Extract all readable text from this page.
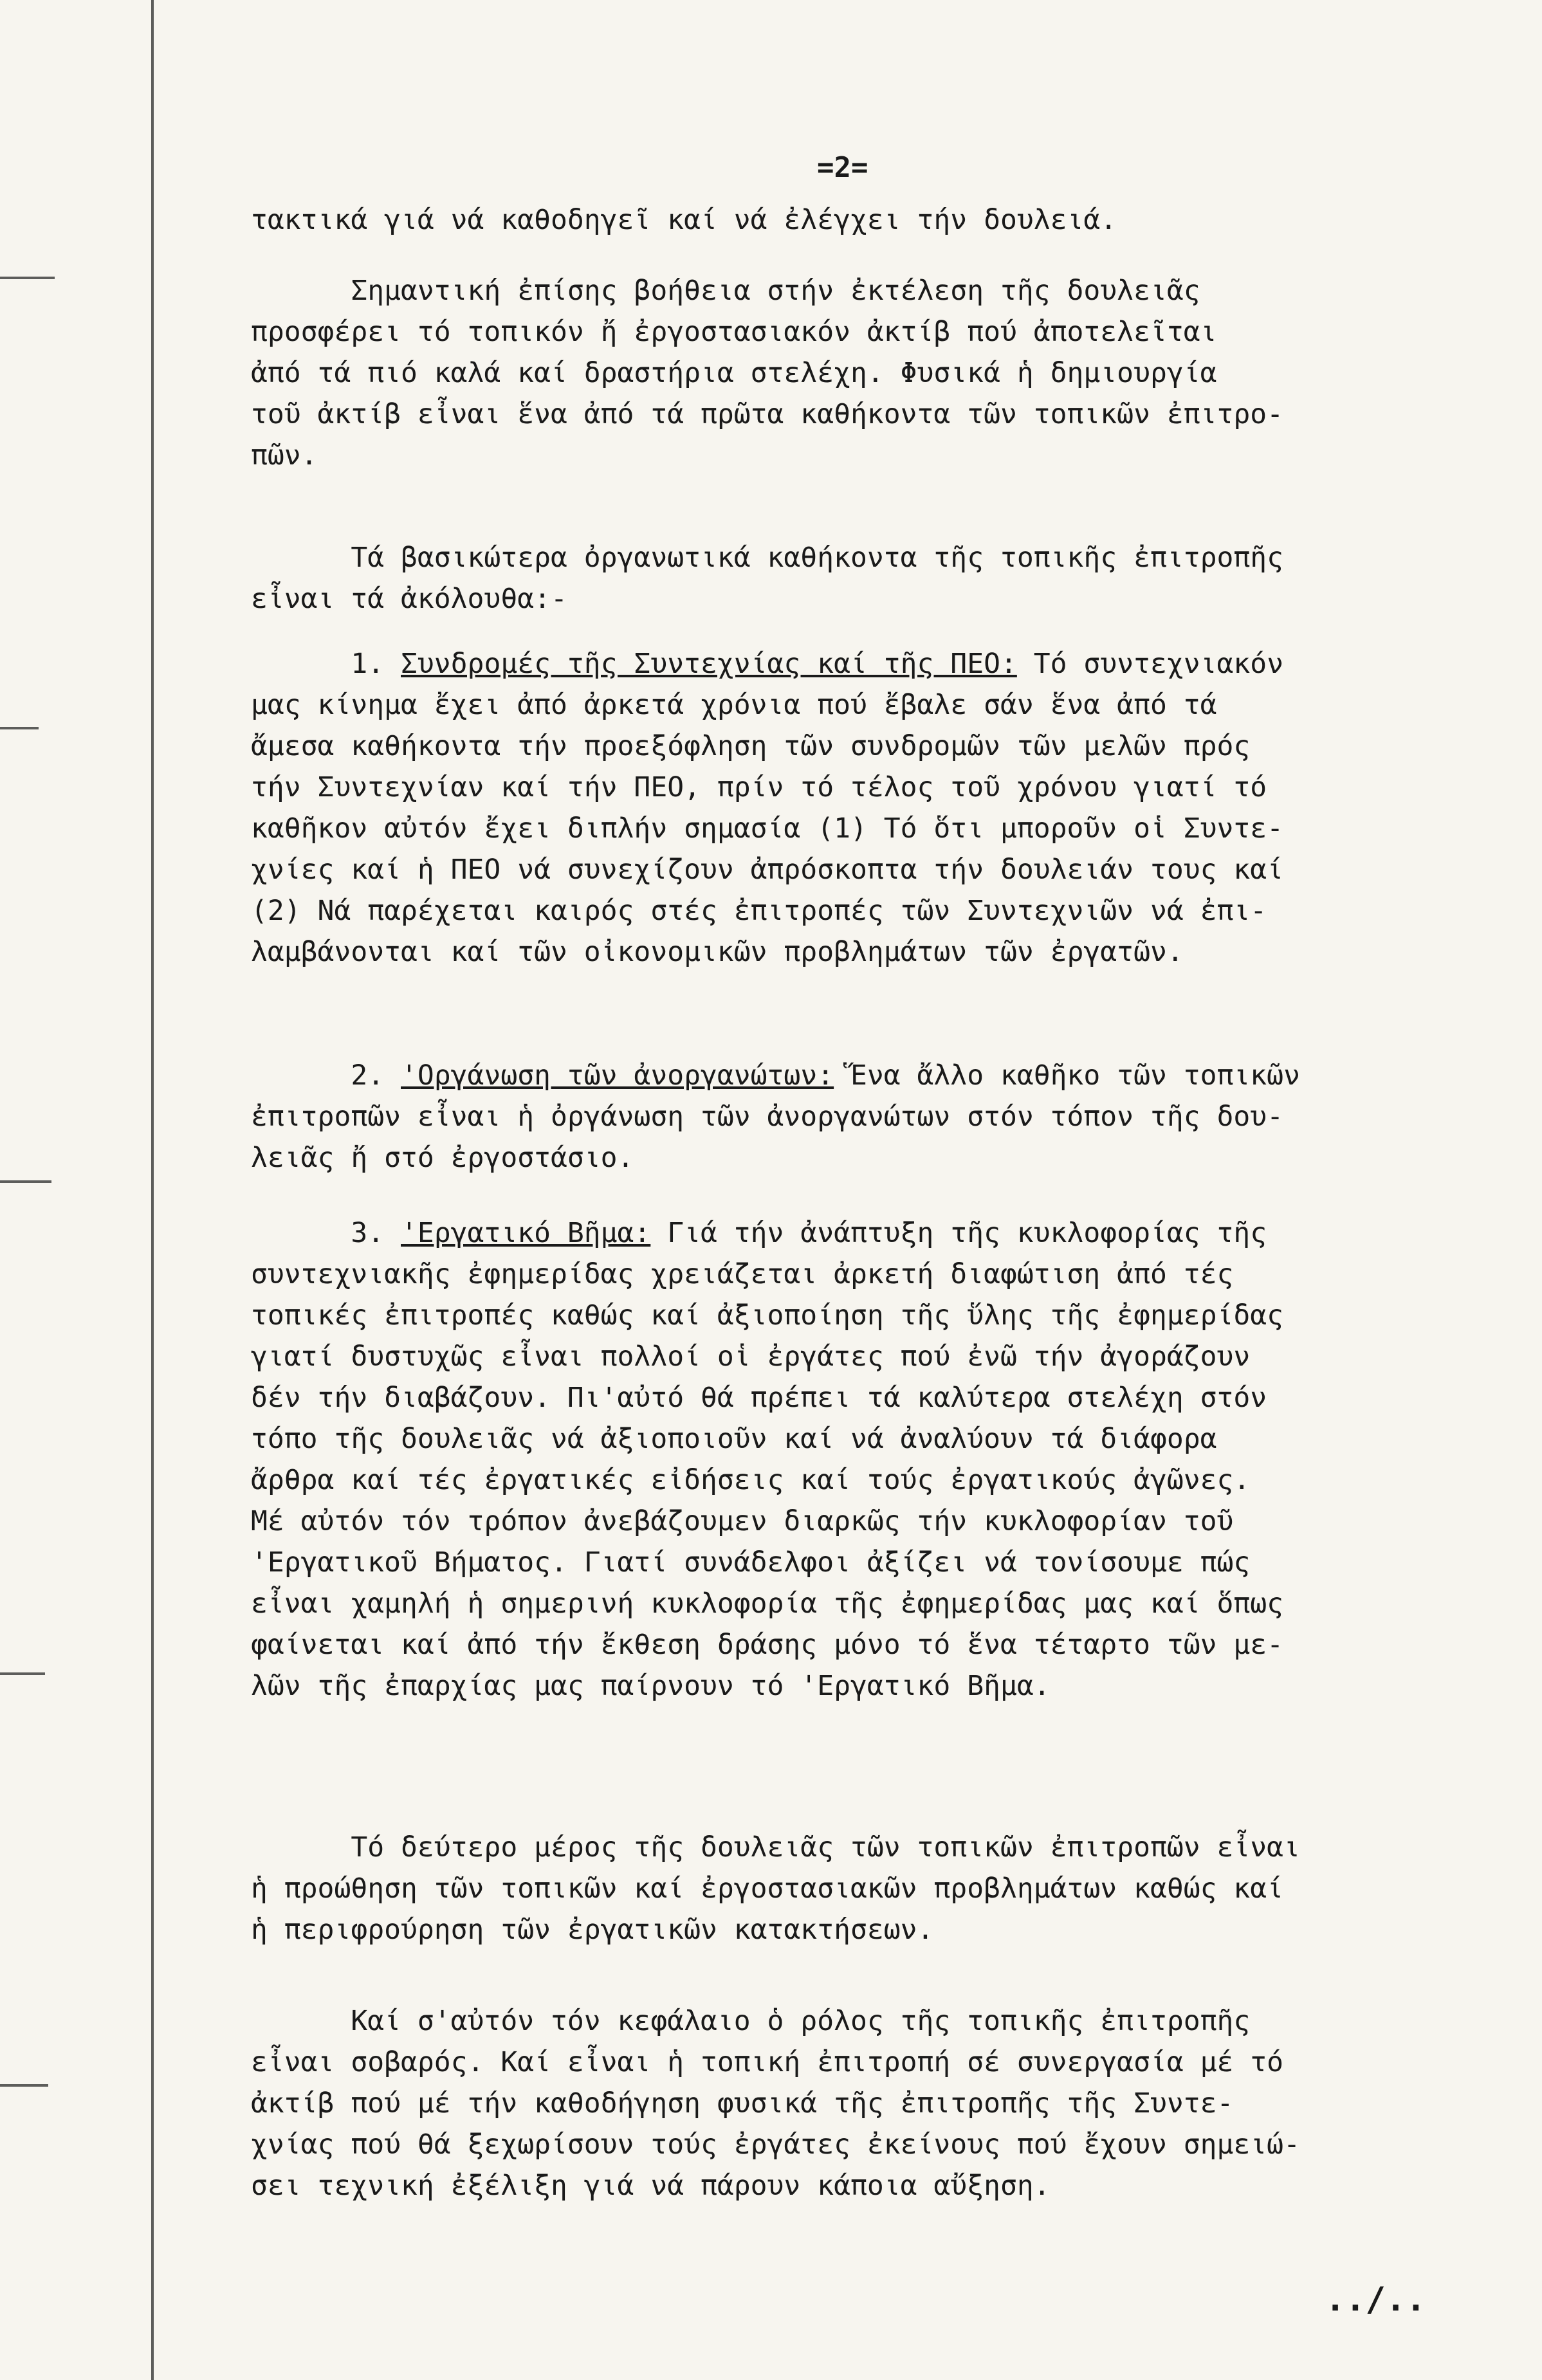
=2=
τακτικά γιά νά καθοδηγεῖ καί νά ἐλέγχει τήν δουλειά.
Σημαντική ἐπίσης βοήθεια στήν ἐκτέλεση τῆς δουλειᾶς
προσφέρει τό τοπικόν ἤ ἐργοστασιακόν ἀκτίβ πού ἀποτελεῖται
ἀπό τά πιό καλά καί δραστήρια στελέχη. Φυσικά ἡ δημιουργία
τοῦ ἀκτίβ εἶναι ἕνα ἀπό τά πρῶτα καθήκοντα τῶν τοπικῶν ἐπιτρο-
πῶν.
Τά βασικώτερα ὀργανωτικά καθήκοντα τῆς τοπικῆς ἐπιτροπῆς
εἶναι τά ἀκόλουθα:-
1. Συνδρομές τῆς Συντεχνίας καί τῆς ΠΕΟ: Τό συντεχνιακόν
μας κίνημα ἔχει ἀπό ἀρκετά χρόνια πού ἔβαλε σάν ἕνα ἀπό τά
ἄμεσα καθήκοντα τήν προεξόφληση τῶν συνδρομῶν τῶν μελῶν πρός
τήν Συντεχνίαν καί τήν ΠΕΟ, πρίν τό τέλος τοῦ χρόνου γιατί τό
καθῆκον αὐτόν ἔχει διπλήν σημασία (1) Τό ὅτι μποροῦν οἱ Συντε-
χνίες καί ἡ ΠΕΟ νά συνεχίζουν ἀπρόσκοπτα τήν δουλειάν τους καί
(2) Νά παρέχεται καιρός στές ἐπιτροπές τῶν Συντεχνιῶν νά ἐπι-
λαμβάνονται καί τῶν οἰκονομικῶν προβλημάτων τῶν ἐργατῶν.
2. 'Οργάνωση τῶν ἀνοργανώτων: Ἕνα ἄλλο καθῆκο τῶν τοπικῶν
ἐπιτροπῶν εἶναι ἡ ὀργάνωση τῶν ἀνοργανώτων στόν τόπον τῆς δου-
λειᾶς ἤ στό ἐργοστάσιο.
3. 'Εργατικό Βῆμα: Γιά τήν ἀνάπτυξη τῆς κυκλοφορίας τῆς
συντεχνιακῆς ἐφημερίδας χρειάζεται ἀρκετή διαφώτιση ἀπό τές
τοπικές ἐπιτροπές καθώς καί ἀξιοποίηση τῆς ὕλης τῆς ἐφημερίδας
γιατί δυστυχῶς εἶναι πολλοί οἱ ἐργάτες πού ἐνῶ τήν ἀγοράζουν
δέν τήν διαβάζουν. Πι'αὐτό θά πρέπει τά καλύτερα στελέχη στόν
τόπο τῆς δουλειᾶς νά ἀξιοποιοῦν καί νά ἀναλύουν τά διάφορα
ἄρθρα καί τές ἐργατικές εἰδήσεις καί τούς ἐργατικούς ἀγῶνες.
Μέ αὐτόν τόν τρόπον ἀνεβάζουμεν διαρκῶς τήν κυκλοφορίαν τοῦ
'Εργατικοῦ Βήματος. Γιατί συνάδελφοι ἀξίζει νά τονίσουμε πώς
εἶναι χαμηλή ἡ σημερινή κυκλοφορία τῆς ἐφημερίδας μας καί ὅπως
φαίνεται καί ἀπό τήν ἔκθεση δράσης μόνο τό ἕνα τέταρτο τῶν με-
λῶν τῆς ἐπαρχίας μας παίρνουν τό 'Εργατικό Βῆμα.
Τό δεύτερο μέρος τῆς δουλειᾶς τῶν τοπικῶν ἐπιτροπῶν εἶναι
ἡ προώθηση τῶν τοπικῶν καί ἐργοστασιακῶν προβλημάτων καθώς καί
ἡ περιφρούρηση τῶν ἐργατικῶν κατακτήσεων.
Καί σ'αὐτόν τόν κεφάλαιο ὁ ρόλος τῆς τοπικῆς ἐπιτροπῆς
εἶναι σοβαρός. Καί εἶναι ἡ τοπική ἐπιτροπή σέ συνεργασία μέ τό
ἀκτίβ πού μέ τήν καθοδήγηση φυσικά τῆς ἐπιτροπῆς τῆς Συντε-
χνίας πού θά ξεχωρίσουν τούς ἐργάτες ἐκείνους πού ἔχουν σημειώ-
σει τεχνική ἐξέλιξη γιά νά πάρουν κάποια αὔξηση.
../..
